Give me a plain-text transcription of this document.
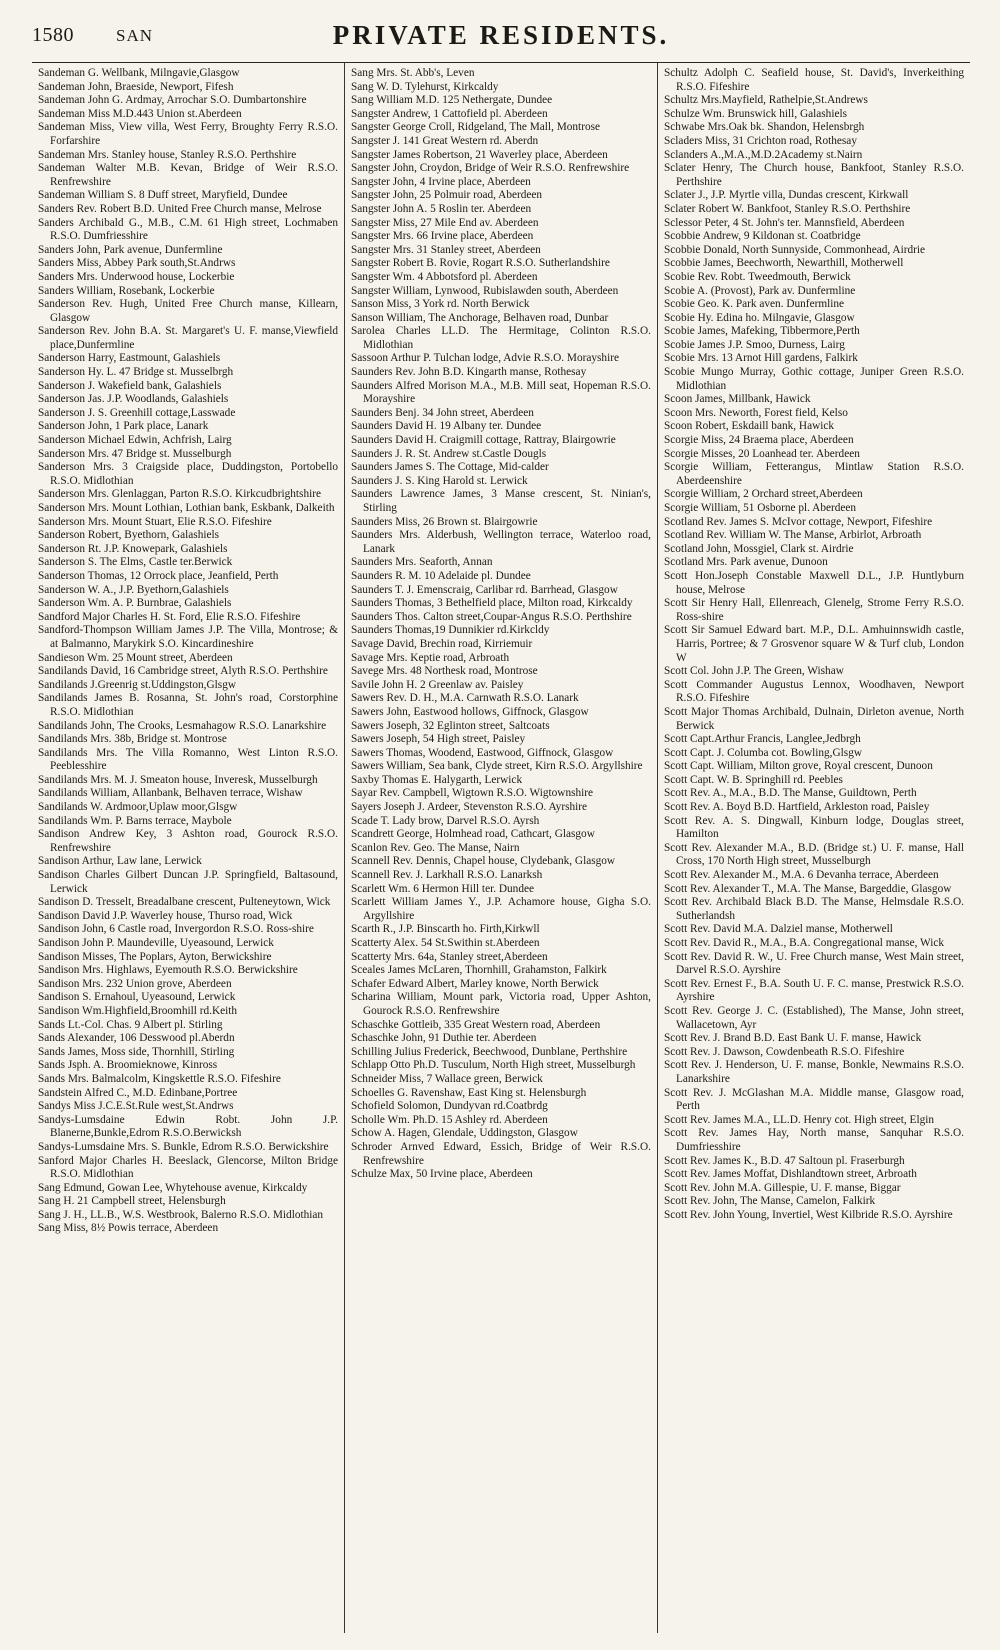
1580 SAN	PRIVATE RESIDENTS.
Sandeman G. Wellbank, Milngavie,Glasgow
Sandeman John, Braeside, Newport, Fifesh
Sandeman John G. Ardmay, Arrochar S.O. Dumbartonshire
Sandeman Miss M.D.443 Union st.Aberdeen
Sandeman Miss, View villa, West Ferry, Broughty Ferry R.S.O. Forfarshire
Sandeman Mrs. Stanley house, Stanley R.S.O. Perthshire
Sandeman Walter M.B. Kevan, Bridge of Weir R.S.O. Renfrewshire
Sandeman William S. 8 Duff street, Maryfield, Dundee
Sanders Rev. Robert B.D. United Free Church manse, Melrose
Sanders Archibald G., M.B., C.M. 61 High street, Lochmaben R.S.O. Dumfriesshire
Sanders John, Park avenue, Dunfermline
Sanders Miss, Abbey Park south,St.Andrws
Sanders Mrs. Underwood house, Lockerbie
Sanders William, Rosebank, Lockerbie
Sanderson Rev. Hugh, United Free Church manse, Killearn, Glasgow
Sanderson Rev. John B.A. St. Margaret's U. F. manse,Viewfield place,Dunfermline
Sanderson Harry, Eastmount, Galashiels
Sanderson Hy. L. 47 Bridge st. Musselbrgh
Sanderson J. Wakefield bank, Galashiels
Sanderson Jas. J.P. Woodlands, Galashiels
Sanderson J. S. Greenhill cottage,Lasswade
Sanderson John, 1 Park place, Lanark
Sanderson Michael Edwin, Achfrish, Lairg
Sanderson Mrs. 47 Bridge st. Musselburgh
Sanderson Mrs. 3 Craigside place, Duddingston, Portobello R.S.O. Midlothian
Sanderson Mrs. Glenlaggan, Parton R.S.O. Kirkcudbrightshire
Sanderson Mrs. Mount Lothian, Lothian bank, Eskbank, Dalkeith
Sanderson Mrs. Mount Stuart, Elie R.S.O. Fifeshire
Sanderson Robert, Byethorn, Galashiels
Sanderson Rt. J.P. Knowepark, Galashiels
Sanderson S. The Elms, Castle ter.Berwick
Sanderson Thomas, 12 Orrock place, Jeanfield, Perth
Sanderson W. A., J.P. Byethorn,Galashiels
Sanderson Wm. A. P. Burnbrae, Galashiels
Sandford Major Charles H. St. Ford, Elie R.S.O. Fifeshire
Sandford-Thompson William James J.P. The Villa, Montrose; & at Balmanno, Marykirk S.O. Kincardineshire
Sandieson Wm. 25 Mount street, Aberdeen
Sandilands David, 16 Cambridge street, Alyth R.S.O. Perthshire
Sandilands J.Greenrig st.Uddingston,Glsgw
Sandilands James B. Rosanna, St. John's road, Corstorphine R.S.O. Midlothian
Sandilands John, The Crooks, Lesmahagow R.S.O. Lanarkshire
Sandilands Mrs. 38b, Bridge st. Montrose
Sandilands Mrs. The Villa Romanno, West Linton R.S.O. Peeblesshire
Sandilands Mrs. M. J. Smeaton house, Inveresk, Musselburgh
Sandilands William, Allanbank, Belhaven terrace, Wishaw
Sandilands W. Ardmoor,Uplaw moor,Glsgw
Sandilands Wm. P. Barns terrace, Maybole
Sandison Andrew Key, 3 Ashton road, Gourock R.S.O. Renfrewshire
Sandison Arthur, Law lane, Lerwick
Sandison Charles Gilbert Duncan J.P. Springfield, Baltasound, Lerwick
Sandison D. Tresselt, Breadalbane crescent, Pulteneytown, Wick
Sandison David J.P. Waverley house, Thurso road, Wick
Sandison John, 6 Castle road, Invergordon R.S.O. Ross-shire
Sandison John P. Maundeville, Uyeasound, Lerwick
Sandison Misses, The Poplars, Ayton, Berwickshire
Sandison Mrs. Highlaws, Eyemouth R.S.O. Berwickshire
Sandison Mrs. 232 Union grove, Aberdeen
Sandison S. Ernahoul, Uyeasound, Lerwick
Sandison Wm.Highfield,Broomhill rd.Keith
Sands Lt.-Col. Chas. 9 Albert pl. Stirling
Sands Alexander, 106 Desswood pl.Aberdn
Sands James, Moss side, Thornhill, Stirling
Sands Jsph. A. Broomieknowe, Kinross
Sands Mrs. Balmalcolm, Kingskettle R.S.O. Fifeshire
Sandstein Alfred C., M.D. Edinbane,Portree
Sandys Miss J.C.E.St.Rule west,St.Andrws
Sandys-Lumsdaine Edwin Robt. John J.P. Blanerne,Bunkle,Edrom R.S.O.Berwicksh
Sandys-Lumsdaine Mrs. S. Bunkle, Edrom R.S.O. Berwickshire
Sanford Major Charles H. Beeslack, Glencorse, Milton Bridge R.S.O. Midlothian
Sang Edmund, Gowan Lee, Whytehouse avenue, Kirkcaldy
Sang H. 21 Campbell street, Helensburgh
Sang J. H., LL.B., W.S. Westbrook, Balerno R.S.O. Midlothian
Sang Miss, 8½ Powis terrace, Aberdeen
Sang Mrs. St. Abb's, Leven
Sang W. D. Tylehurst, Kirkcaldy
Sang William M.D. 125 Nethergate, Dundee
Sangster Andrew, 1 Cattofield pl. Aberdeen
Sangster George Croll, Ridgeland, The Mall, Montrose
Sangster J. 141 Great Western rd. Aberdn
Sangster James Robertson, 21 Waverley place, Aberdeen
Sangster John, Croydon, Bridge of Weir R.S.O. Renfrewshire
Sangster John, 4 Irvine place, Aberdeen
Sangster John, 25 Polmuir road, Aberdeen
Sangster John A. 5 Roslin ter. Aberdeen
Sangster Miss, 27 Mile End av. Aberdeen
Sangster Mrs. 66 Irvine place, Aberdeen
Sangster Mrs. 31 Stanley street, Aberdeen
Sangster Robert B. Rovie, Rogart R.S.O. Sutherlandshire
Sangster Wm. 4 Abbotsford pl. Aberdeen
Sangster William, Lynwood, Rubislawden south, Aberdeen
Sanson Miss, 3 York rd. North Berwick
Sanson William, The Anchorage, Belhaven road, Dunbar
Sarolea Charles LL.D. The Hermitage, Colinton R.S.O. Midlothian
Sassoon Arthur P. Tulchan lodge, Advie R.S.O. Morayshire
Saunders Rev. John B.D. Kingarth manse, Rothesay
Saunders Alfred Morison M.A., M.B. Mill seat, Hopeman R.S.O. Morayshire
Saunders Benj. 34 John street, Aberdeen
Saunders David H. 19 Albany ter. Dundee
Saunders David H. Craigmill cottage, Rattray, Blairgowrie
Saunders J. R. St. Andrew st.Castle Dougls
Saunders James S. The Cottage, Mid-calder
Saunders J. S. King Harold st. Lerwick
Saunders Lawrence James, 3 Manse crescent, St. Ninian's, Stirling
Saunders Miss, 26 Brown st. Blairgowrie
Saunders Mrs. Alderbush, Wellington terrace, Waterloo road, Lanark
Saunders Mrs. Seaforth, Annan
Saunders R. M. 10 Adelaide pl. Dundee
Saunders T. J. Emenscraig, Carlibar rd. Barrhead, Glasgow
Saunders Thomas, 3 Bethelfield place, Milton road, Kirkcaldy
Saunders Thos. Calton street,Coupar-Angus R.S.O. Perthshire
Saunders Thomas,19 Dunnikier rd.Kirkcldy
Savage David, Brechin road, Kirriemuir
Savage Mrs. Keptie road, Arbroath
Savege Mrs. 48 Northesk road, Montrose
Savile John H. 2 Greenlaw av. Paisley
Sawers Rev. D. H., M.A. Carnwath R.S.O. Lanark
Sawers John, Eastwood hollows, Giffnock, Glasgow
Sawers Joseph, 32 Eglinton street, Saltcoats
Sawers Joseph, 54 High street, Paisley
Sawers Thomas, Woodend, Eastwood, Giffnock, Glasgow
Sawers William, Sea bank, Clyde street, Kirn R.S.O. Argyllshire
Saxby Thomas E. Halygarth, Lerwick
Sayar Rev. Campbell, Wigtown R.S.O. Wigtownshire
Sayers Joseph J. Ardeer, Stevenston R.S.O. Ayrshire
Scade T. Lady brow, Darvel R.S.O. Ayrsh
Scandrett George, Holmhead road, Cathcart, Glasgow
Scanlon Rev. Geo. The Manse, Nairn
Scannell Rev. Dennis, Chapel house, Clydebank, Glasgow
Scannell Rev. J. Larkhall R.S.O. Lanarksh
Scarlett Wm. 6 Hermon Hill ter. Dundee
Scarlett William James Y., J.P. Achamore house, Gigha S.O. Argyllshire
Scarth R., J.P. Binscarth ho. Firth,Kirkwll
Scatterty Alex. 54 St.Swithin st.Aberdeen
Scatterty Mrs. 64a, Stanley street,Aberdeen
Sceales James McLaren, Thornhill, Grahamston, Falkirk
Schafer Edward Albert, Marley knowe, North Berwick
Scharina William, Mount park, Victoria road, Upper Ashton, Gourock R.S.O. Renfrewshire
Schaschke Gottleib, 335 Great Western road, Aberdeen
Schaschke John, 91 Duthie ter. Aberdeen
Schilling Julius Frederick, Beechwood, Dunblane, Perthshire
Schlapp Otto Ph.D. Tusculum, North High street, Musselburgh
Schneider Miss, 7 Wallace green, Berwick
Schoelles G. Ravenshaw, East King st. Helensburgh
Schofield Solomon, Dundyvan rd.Coatbrdg
Scholle Wm. Ph.D. 15 Ashley rd. Aberdeen
Schow A. Hagen, Glendale, Uddingston, Glasgow
Schroder Arnved Edward, Essich, Bridge of Weir R.S.O. Renfrewshire
Schulze Max, 50 Irvine place, Aberdeen
Schultz Adolph C. Seafield house, St. David's, Inverkeithing R.S.O. Fifeshire
Schultz Mrs.Mayfield, Rathelpie,St.Andrews
Schulze Wm. Brunswick hill, Galashiels
Schwabe Mrs.Oak bk. Shandon, Helensbrgh
Scladers Miss, 31 Crichton road, Rothesay
Sclanders A.,M.A.,M.D.2Academy st.Nairn
Sclater Henry, The Church house, Bankfoot, Stanley R.S.O. Perthshire
Sclater J., J.P. Myrtle villa, Dundas crescent, Kirkwall
Sclater Robert W. Bankfoot, Stanley R.S.O. Perthshire
Sclessor Peter, 4 St. John's ter. Mannsfield, Aberdeen
Scobbie Andrew, 9 Kildonan st. Coatbridge
Scobbie Donald, North Sunnyside, Commonhead, Airdrie
Scobbie James, Beechworth, Newarthill, Motherwell
Scobie Rev. Robt. Tweedmouth, Berwick
Scobie A. (Provost), Park av. Dunfermline
Scobie Geo. K. Park aven. Dunfermline
Scobie Hy. Edina ho. Milngavie, Glasgow
Scobie James, Mafeking, Tibbermore,Perth
Scobie James J.P. Smoo, Durness, Lairg
Scobie Mrs. 13 Arnot Hill gardens, Falkirk
Scobie Mungo Murray, Gothic cottage, Juniper Green R.S.O. Midlothian
Scoon James, Millbank, Hawick
Scoon Mrs. Neworth, Forest field, Kelso
Scoon Robert, Eskdaill bank, Hawick
Scorgie Miss, 24 Braema place, Aberdeen
Scorgie Misses, 20 Loanhead ter. Aberdeen
Scorgie William, Fetterangus, Mintlaw Station R.S.O. Aberdeenshire
Scorgie William, 2 Orchard street,Aberdeen
Scorgie William, 51 Osborne pl. Aberdeen
Scotland Rev. James S. McIvor cottage, Newport, Fifeshire
Scotland Rev. William W. The Manse, Arbirlot, Arbroath
Scotland John, Mossgiel, Clark st. Airdrie
Scotland Mrs. Park avenue, Dunoon
Scott Hon.Joseph Constable Maxwell D.L., J.P. Huntlyburn house, Melrose
Scott Sir Henry Hall, Ellenreach, Glenelg, Strome Ferry R.S.O. Ross-shire
Scott Sir Samuel Edward bart. M.P., D.L. Amhuinnswidh castle, Harris, Portree; & 7 Grosvenor square W & Turf club, London W
Scott Col. John J.P. The Green, Wishaw
Scott Commander Augustus Lennox, Woodhaven, Newport R.S.O. Fifeshire
Scott Major Thomas Archibald, Dulnain, Dirleton avenue, North Berwick
Scott Capt.Arthur Francis, Langlee,Jedbrgh
Scott Capt. J. Columba cot. Bowling,Glsgw
Scott Capt. William, Milton grove, Royal crescent, Dunoon
Scott Capt. W. B. Springhill rd. Peebles
Scott Rev. A., M.A., B.D. The Manse, Guildtown, Perth
Scott Rev. A. Boyd B.D. Hartfield, Arkleston road, Paisley
Scott Rev. A. S. Dingwall, Kinburn lodge, Douglas street, Hamilton
Scott Rev. Alexander M.A., B.D. (Bridge st.) U. F. manse, Hall Cross, 170 North High street, Musselburgh
Scott Rev. Alexander M., M.A. 6 Devanha terrace, Aberdeen
Scott Rev. Alexander T., M.A. The Manse, Bargeddie, Glasgow
Scott Rev. Archibald Black B.D. The Manse, Helmsdale R.S.O. Sutherlandsh
Scott Rev. David M.A. Dalziel manse, Motherwell
Scott Rev. David R., M.A., B.A. Congregational manse, Wick
Scott Rev. David R. W., U. Free Church manse, West Main street, Darvel R.S.O. Ayrshire
Scott Rev. Ernest F., B.A. South U. F. C. manse, Prestwick R.S.O. Ayrshire
Scott Rev. George J. C. (Established), The Manse, John street, Wallacetown, Ayr
Scott Rev. J. Brand B.D. East Bank U. F. manse, Hawick
Scott Rev. J. Dawson, Cowdenbeath R.S.O. Fifeshire
Scott Rev. J. Henderson, U. F. manse, Bonkle, Newmains R.S.O. Lanarkshire
Scott Rev. J. McGlashan M.A. Middle manse, Glasgow road, Perth
Scott Rev. James M.A., LL.D. Henry cot. High street, Elgin
Scott Rev. James Hay, North manse, Sanquhar R.S.O. Dumfriesshire
Scott Rev. James K., B.D. 47 Saltoun pl. Fraserburgh
Scott Rev. James Moffat, Dishlandtown street, Arbroath
Scott Rev. John M.A. Gillespie, U. F. manse, Biggar
Scott Rev. John, The Manse, Camelon, Falkirk
Scott Rev. John Young, Invertiel, West Kilbride R.S.O. Ayrshire
